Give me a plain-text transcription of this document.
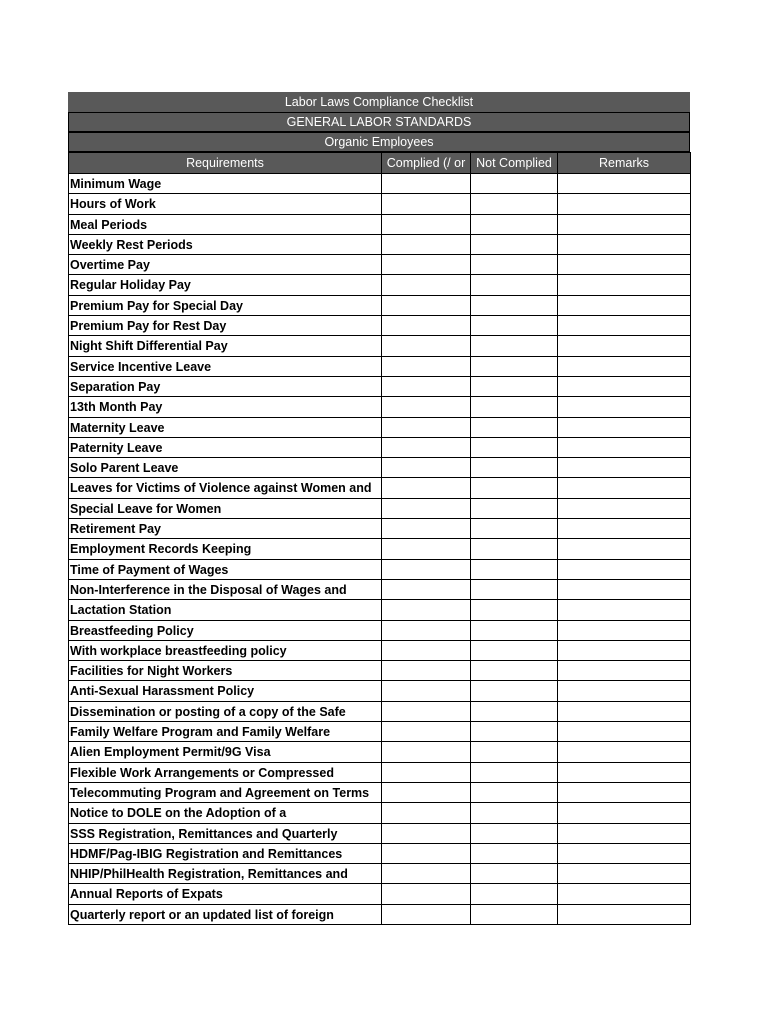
Labor Laws Compliance Checklist
GENERAL LABOR STANDARDS
Organic Employees
Requirements	Complied (/ or	Not Complied	Remarks

Minimum Wage			

Hours of Work			

Meal Periods			

Weekly Rest Periods			

Overtime Pay			

Regular Holiday Pay			

Premium Pay for Special Day			

Premium Pay for Rest Day			

Night Shift Differential Pay			

Service Incentive Leave			

Separation Pay			

13th Month Pay			

Maternity Leave			

Paternity Leave			

Solo Parent Leave			

Leaves for Victims of Violence against Women and			

Special Leave for Women			

Retirement Pay			

Employment Records Keeping			

Time of Payment of Wages			

Non-Interference in the Disposal of Wages and			

Lactation Station			

Breastfeeding Policy			

With workplace breastfeeding policy			

Facilities for Night Workers			

Anti-Sexual Harassment Policy			

Dissemination or posting of a copy of the Safe			

Family Welfare Program and Family Welfare			

Alien Employment Permit/9G Visa			

Flexible Work Arrangements or Compressed			

Telecommuting Program and Agreement on Terms			

Notice to DOLE on the Adoption of a			

SSS Registration, Remittances and Quarterly			

HDMF/Pag-IBIG Registration and Remittances			

NHIP/PhilHealth Registration, Remittances and			

Annual Reports of Expats			

Quarterly report or an updated list of foreign			
